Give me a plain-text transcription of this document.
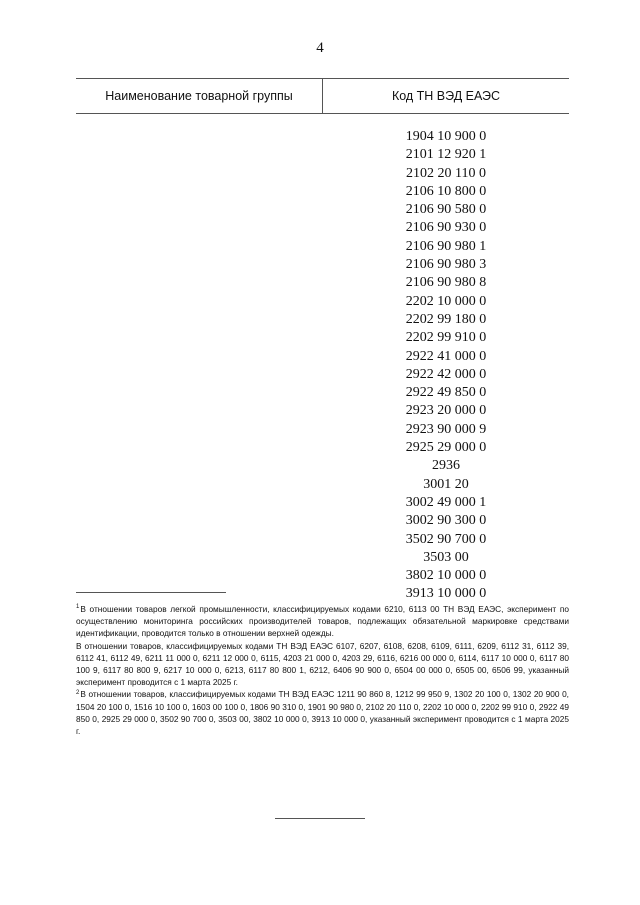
4
Наименование товарной группы	Код ТН ВЭД ЕАЭС
1904 10 900 0
2101 12 920 1
2102 20 110 0
2106 10 800 0
2106 90 580 0
2106 90 930 0
2106 90 980 1
2106 90 980 3
2106 90 980 8
2202 10 000 0
2202 99 180 0
2202 99 910 0
2922 41 000 0
2922 42 000 0
2922 49 850 0
2923 20 000 0
2923 90 000 9
2925 29 000 0
2936
3001 20
3002 49 000 1
3002 90 300 0
3502 90 700 0
3503 00
3802 10 000 0
3913 10 000 0

$^1$В отношении товаров легкой промышленности, классифицируемых кодами 6210, 6113 00 ТН ВЭД ЕАЭС, эксперимент по осуществлению мониторинга российских производителей товаров, подлежащих обязательной маркировке средствами идентификации, проводится только в отношении верхней одежды.

В отношении товаров, классифицируемых кодами ТН ВЭД ЕАЭС 6107, 6207, 6108, 6208, 6109, 6111, 6209, 6112 31, 6112 39, 6112 41, 6112 49, 6211 11 000 0, 6211 12 000 0, 6115, 4203 21 000 0, 4203 29, 6116, 6216 00 000 0, 6114, 6117 10 000 0, 6117 80 100 9, 6117 80 800 9, 6217 10 000 0, 6213, 6117 80 800 1, 6212, 6406 90 900 0, 6504 00 000 0, 6505 00, 6506 99, указанный эксперимент проводится с 1 марта 2025 г.

$^2$В отношении товаров, классифицируемых кодами ТН ВЭД ЕАЭС 1211 90 860 8, 1212 99 950 9, 1302 20 100 0, 1302 20 900 0, 1504 20 100 0, 1516 10 100 0, 1603 00 100 0, 1806 90 310 0, 1901 90 980 0, 2102 20 110 0, 2202 10 000 0, 2202 99 910 0, 2922 49 850 0, 2925 29 000 0, 3502 90 700 0, 3503 00, 3802 10 000 0, 3913 10 000 0, указанный эксперимент проводится с 1 марта 2025 г.
